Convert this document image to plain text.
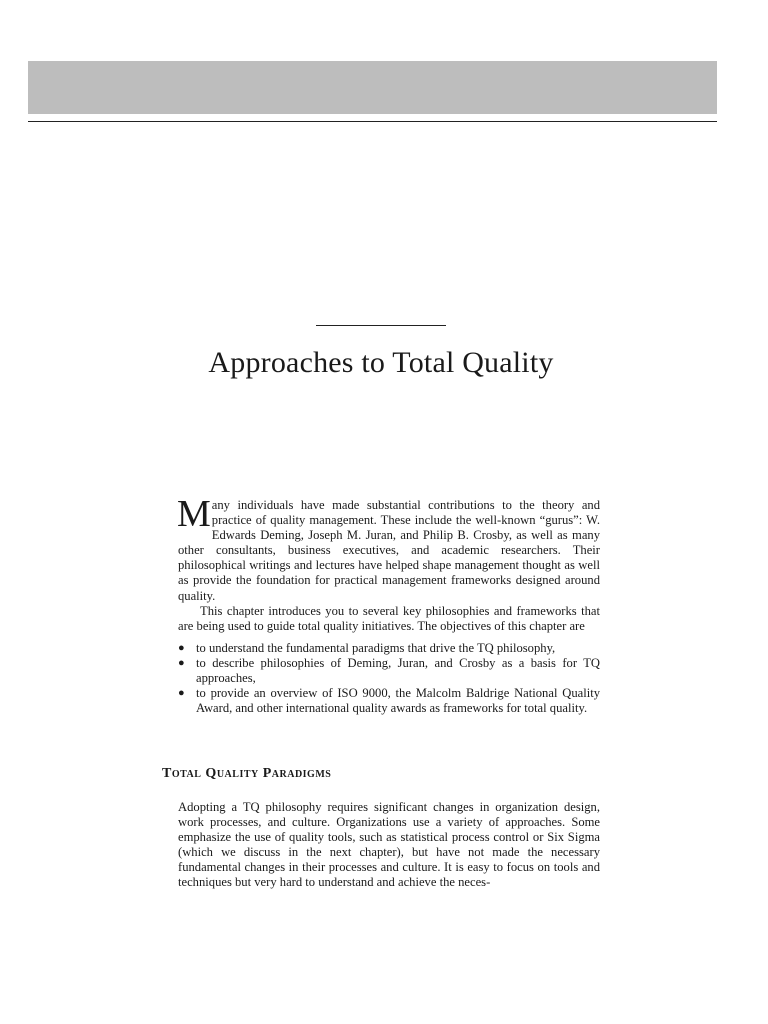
Approaches to Total Quality

Many individuals have made substantial contributions to the theory and practice of quality management. These include the well-known “gurus”: W. Edwards Deming, Joseph M. Juran, and Philip B. Crosby, as well as many other consultants, business executives, and academic researchers. Their philosophical writings and lectures have helped shape management thought as well as provide the foundation for practical management frameworks designed around quality.

This chapter introduces you to several key philosophies and frameworks that are being used to guide total quality initiatives. The objectives of this chapter are

● to understand the fundamental paradigms that drive the TQ philosophy,
● to describe philosophies of Deming, Juran, and Crosby as a basis for TQ approaches,
● to provide an overview of ISO 9000, the Malcolm Baldrige National Quality Award, and other international quality awards as frameworks for total quality.
Total Quality Paradigms

Adopting a TQ philosophy requires significant changes in organization design, work processes, and culture. Organizations use a variety of approaches. Some emphasize the use of quality tools, such as statistical process control or Six Sigma (which we discuss in the next chapter), but have not made the necessary fundamental changes in their processes and culture. It is easy to focus on tools and techniques but very hard to understand and achieve the neces-
